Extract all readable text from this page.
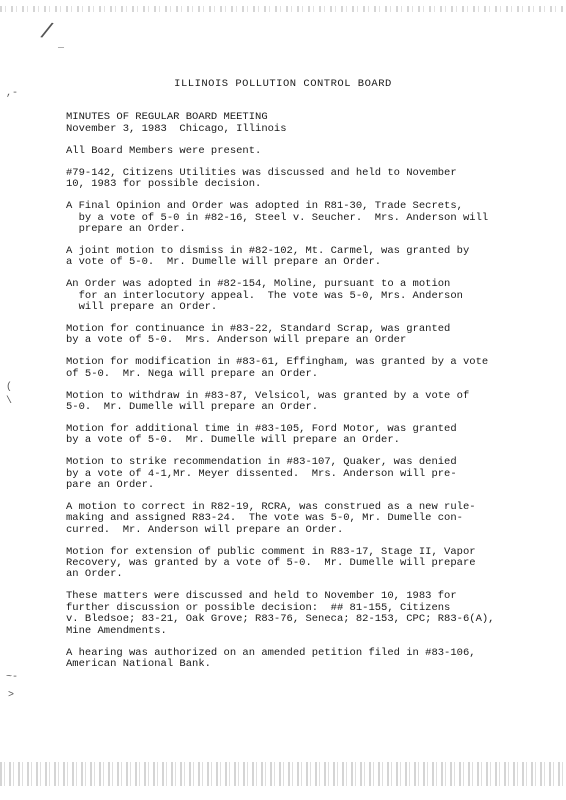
/ _
,-
(
\
~-
>
ILLINOIS POLLUTION CONTROL BOARD
MINUTES OF REGULAR BOARD MEETING
November 3, 1983  Chicago, Illinois
All Board Members were present.
#79-142, Citizens Utilities was discussed and held to November
10, 1983 for possible decision.
A Final Opinion and Order was adopted in R81-30, Trade Secrets,
by a vote of 5-0 in #82-16, Steel v. Seucher.  Mrs. Anderson will
prepare an Order.
A joint motion to dismiss in #82-102, Mt. Carmel, was granted by
a vote of 5-0.  Mr. Dumelle will prepare an Order.
An Order was adopted in #82-154, Moline, pursuant to a motion
for an interlocutory appeal.  The vote was 5-0, Mrs. Anderson
will prepare an Order.
Motion for continuance in #83-22, Standard Scrap, was granted
by a vote of 5-0.  Mrs. Anderson will prepare an Order
Motion for modification in #83-61, Effingham, was granted by a vote
of 5-0.  Mr. Nega will prepare an Order.
Motion to withdraw in #83-87, Velsicol, was granted by a vote of
5-0.  Mr. Dumelle will prepare an Order.
Motion for additional time in #83-105, Ford Motor, was granted
by a vote of 5-0.  Mr. Dumelle will prepare an Order.
Motion to strike recommendation in #83-107, Quaker, was denied
by a vote of 4-1,Mr. Meyer dissented.  Mrs. Anderson will pre-
pare an Order.
A motion to correct in R82-19, RCRA, was construed as a new rule-
making and assigned R83-24.  The vote was 5-0, Mr. Dumelle con-
curred.  Mr. Anderson will prepare an Order.
Motion for extension of public comment in R83-17, Stage II, Vapor
Recovery, was granted by a vote of 5-0.  Mr. Dumelle will prepare
an Order.
These matters were discussed and held to November 10, 1983 for
further discussion or possible decision:  ## 81-155, Citizens
v. Bledsoe; 83-21, Oak Grove; R83-76, Seneca; 82-153, CPC; R83-6(A),
Mine Amendments.
A hearing was authorized on an amended petition filed in #83-106,
American National Bank.
